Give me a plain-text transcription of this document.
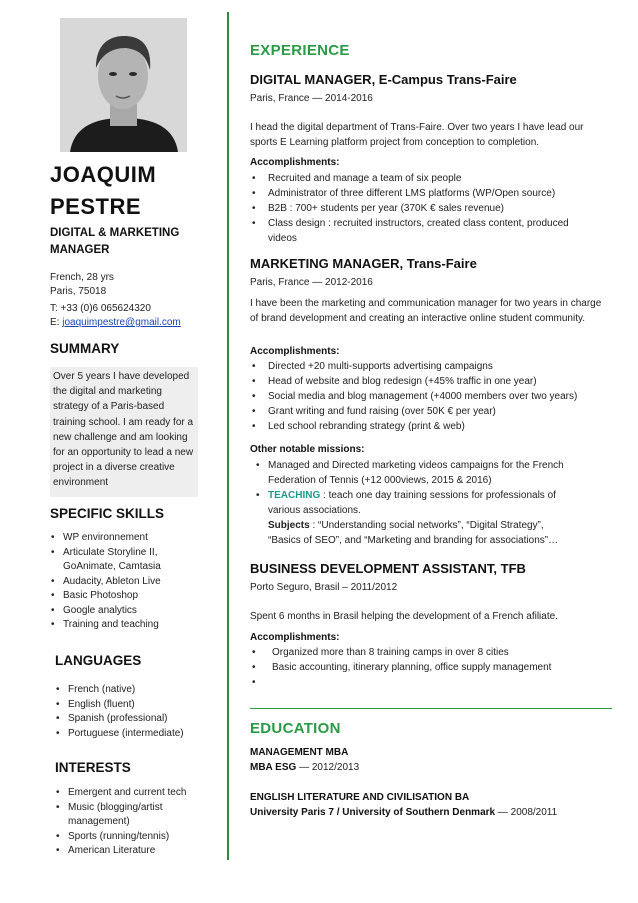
JOAQUIM
PESTRE
DIGITAL & MARKETING
MANAGER
French, 28 yrs
Paris, 75018
T: +33 (0)6 065624320
E: joaquimpestre@gmail.com
SUMMARY
Over 5 years I have developed the digital and marketing strategy of a Paris-based training school. I am ready for a new challenge and am looking for an opportunity to lead a new project in a diverse creative environment
SPECIFIC SKILLS
• WP environnement
• Articulate Storyline II, GoAnimate, Camtasia
• Audacity, Ableton Live
• Basic Photoshop
• Google analytics
• Training and teaching
LANGUAGES
• French (native)
• English (fluent)
• Spanish (professional)
• Portuguese (intermediate)
INTERESTS
• Emergent and current tech
• Music (blogging/artist management)
• Sports (running/tennis)
• American Literature
EXPERIENCE
DIGITAL MANAGER, E-Campus Trans-Faire
Paris, France — 2014-2016
I head the digital department of Trans-Faire. Over two years I have lead our sports E Learning platform project from conception to completion.
Accomplishments:
• Recruited and manage a team of six people
• Administrator of three different LMS platforms (WP/Open source)
• B2B : 700+ students per year (370K € sales revenue)
• Class design : recruited instructors, created class content, produced videos
MARKETING MANAGER, Trans-Faire
Paris, France — 2012-2016
I have been the marketing and communication manager for two years in charge of brand development and creating an interactive online student community.
Accomplishments:
• Directed +20 multi-supports advertising campaigns
• Head of website and blog redesign (+45% traffic in one year)
• Social media and blog management (+4000 members over two years)
• Grant writing and fund raising (over 50K € per year)
• Led school rebranding strategy (print & web)
Other notable missions:
• Managed and Directed marketing videos campaigns for the French Federation of Tennis (+12 000views, 2015 & 2016)
• TEACHING : teach one day training sessions for professionals of various associations.
Subjects : “Understanding social networks”, “Digital Strategy”, “Basics of SEO”, and “Marketing and branding for associations”…
BUSINESS DEVELOPMENT ASSISTANT, TFB
Porto Seguro, Brasil – 2011/2012
Spent 6 months in Brasil helping the development of a French afiliate.
Accomplishments:
• Organized more than 8 training camps in over 8 cities
• Basic accounting, itinerary planning, office supply management
•
EDUCATION
MANAGEMENT MBA
MBA ESG — 2012/2013
ENGLISH LITERATURE AND CIVILISATION BA
University Paris 7 / University of Southern Denmark — 2008/2011
